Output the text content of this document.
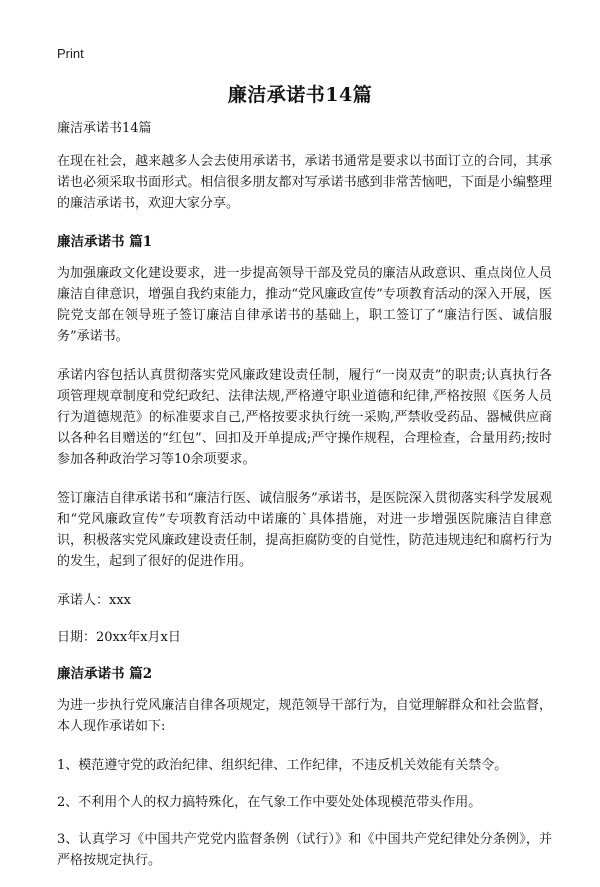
Print
廉洁承诺书14篇

廉洁承诺书14篇

在现在社会，越来越多人会去使用承诺书，承诺书通常是要求以书面订立的合同，其承诺也必须采取书面形式。相信很多朋友都对写承诺书感到非常苦恼吧，下面是小编整理的廉洁承诺书，欢迎大家分享。

廉洁承诺书 篇1

为加强廉政文化建设要求，进一步提高领导干部及党员的廉洁从政意识、重点岗位人员廉洁自律意识，增强自我约束能力，推动“党风廉政宣传”专项教育活动的深入开展，医院党支部在领导班子签订廉洁自律承诺书的基础上，职工签订了“廉洁行医、诚信服务”承诺书。

承诺内容包括认真贯彻落实党风廉政建设责任制，履行“一岗双责”的职责;认真执行各项管理规章制度和党纪政纪、法律法规,严格遵守职业道德和纪律,严格按照《医务人员行为道德规范》的标准要求自己,严格按要求执行统一采购,严禁收受药品、器械供应商以各种名目赠送的“红包”、回扣及开单提成;严守操作规程，合理检查，合量用药;按时参加各种政治学习等10余项要求。

签订廉洁自律承诺书和“廉洁行医、诚信服务”承诺书，是医院深入贯彻落实科学发展观和“党风廉政宣传”专项教育活动中诺廉的`具体措施，对进一步增强医院廉洁自律意识，积极落实党风廉政建设责任制，提高拒腐防变的自觉性，防范违规违纪和腐朽行为的发生，起到了很好的促进作用。

承诺人：xxx

日期：20xx年x月x日

廉洁承诺书 篇2

为进一步执行党风廉洁自律各项规定，规范领导干部行为，自觉理解群众和社会监督，本人现作承诺如下:

1、模范遵守党的政治纪律、组织纪律、工作纪律，不违反机关效能有关禁令。

2、不利用个人的权力搞特殊化，在气象工作中要处处体现模范带头作用。

3、认真学习《中国共产党党内监督条例（试行）》和《中国共产党纪律处分条例》，并严格按规定执行。
